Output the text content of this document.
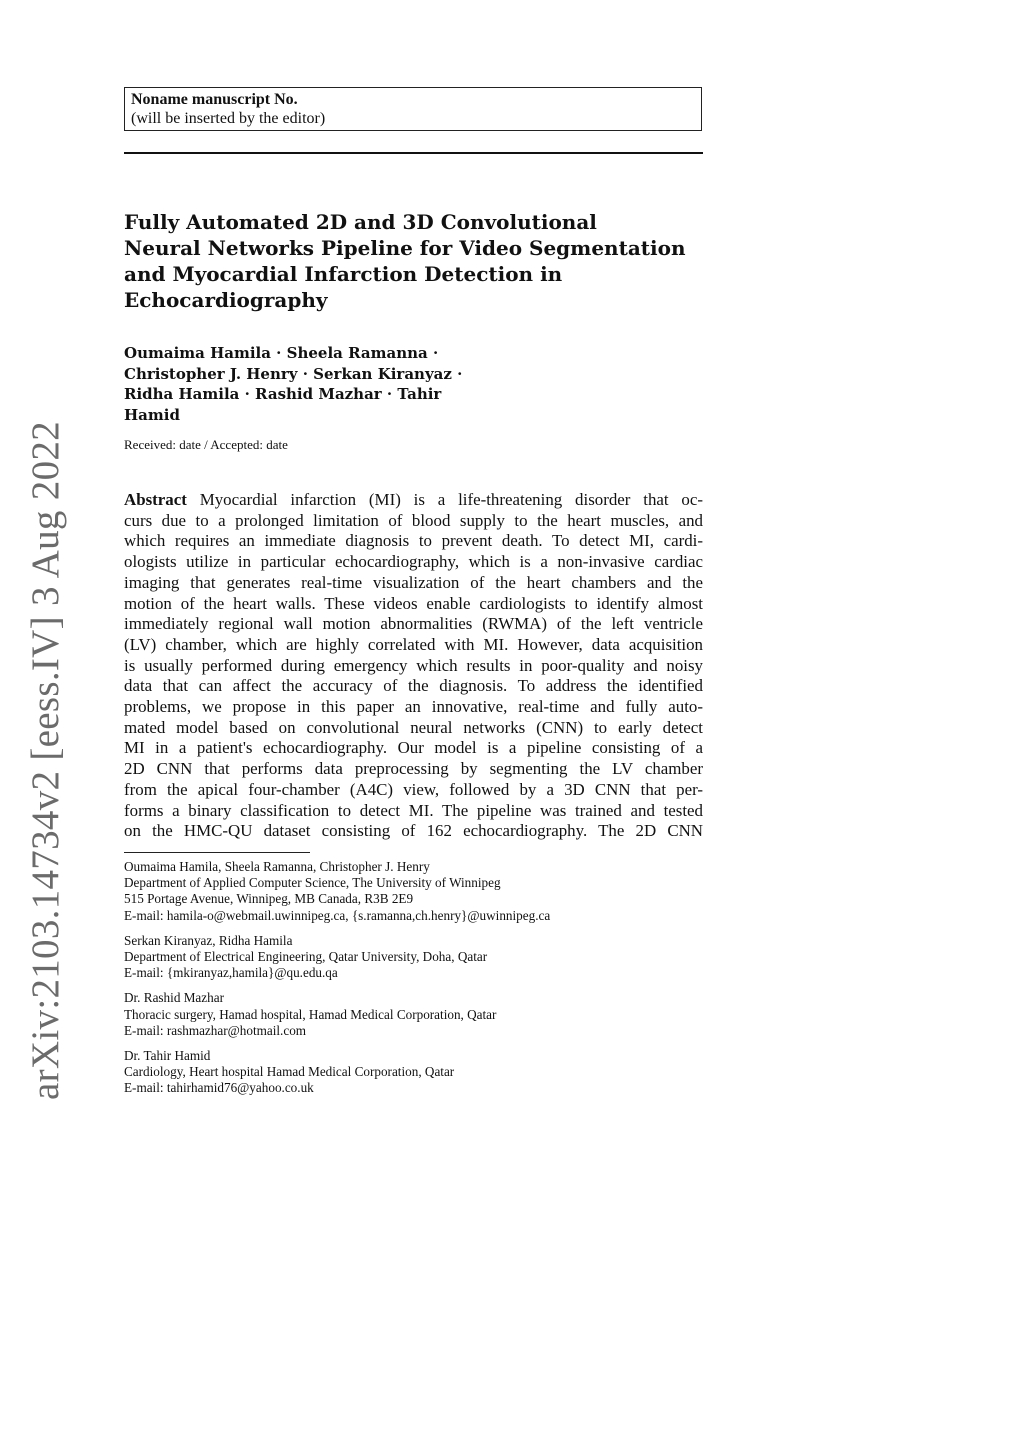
arXiv:2103.14734v2 [eess.IV] 3 Aug 2022
Noname manuscript No.
(will be inserted by the editor)
Fully Automated 2D and 3D Convolutional
Neural Networks Pipeline for Video Segmentation
and Myocardial Infarction Detection in
Echocardiography
Oumaima Hamila · Sheela Ramanna ·
Christopher J. Henry · Serkan Kiranyaz ·
Ridha Hamila · Rashid Mazhar · Tahir
Hamid
Received: date / Accepted: date
Abstract Myocardial infarction (MI) is a life-threatening disorder that oc-
curs due to a prolonged limitation of blood supply to the heart muscles, and
which requires an immediate diagnosis to prevent death. To detect MI, cardi-
ologists utilize in particular echocardiography, which is a non-invasive cardiac
imaging that generates real-time visualization of the heart chambers and the
motion of the heart walls. These videos enable cardiologists to identify almost
immediately regional wall motion abnormalities (RWMA) of the left ventricle
(LV) chamber, which are highly correlated with MI. However, data acquisition
is usually performed during emergency which results in poor-quality and noisy
data that can affect the accuracy of the diagnosis. To address the identified
problems, we propose in this paper an innovative, real-time and fully auto-
mated model based on convolutional neural networks (CNN) to early detect
MI in a patient's echocardiography. Our model is a pipeline consisting of a
2D CNN that performs data preprocessing by segmenting the LV chamber
from the apical four-chamber (A4C) view, followed by a 3D CNN that per-
forms a binary classification to detect MI. The pipeline was trained and tested
on the HMC-QU dataset consisting of 162 echocardiography. The 2D CNN
Oumaima Hamila, Sheela Ramanna, Christopher J. Henry
Department of Applied Computer Science, The University of Winnipeg
515 Portage Avenue, Winnipeg, MB Canada, R3B 2E9
E-mail: hamila-o@webmail.uwinnipeg.ca, {s.ramanna,ch.henry}@uwinnipeg.ca
Serkan Kiranyaz, Ridha Hamila
Department of Electrical Engineering, Qatar University, Doha, Qatar
E-mail: {mkiranyaz,hamila}@qu.edu.qa
Dr. Rashid Mazhar
Thoracic surgery, Hamad hospital, Hamad Medical Corporation, Qatar
E-mail: rashmazhar@hotmail.com
Dr. Tahir Hamid
Cardiology, Heart hospital Hamad Medical Corporation, Qatar
E-mail: tahirhamid76@yahoo.co.uk
